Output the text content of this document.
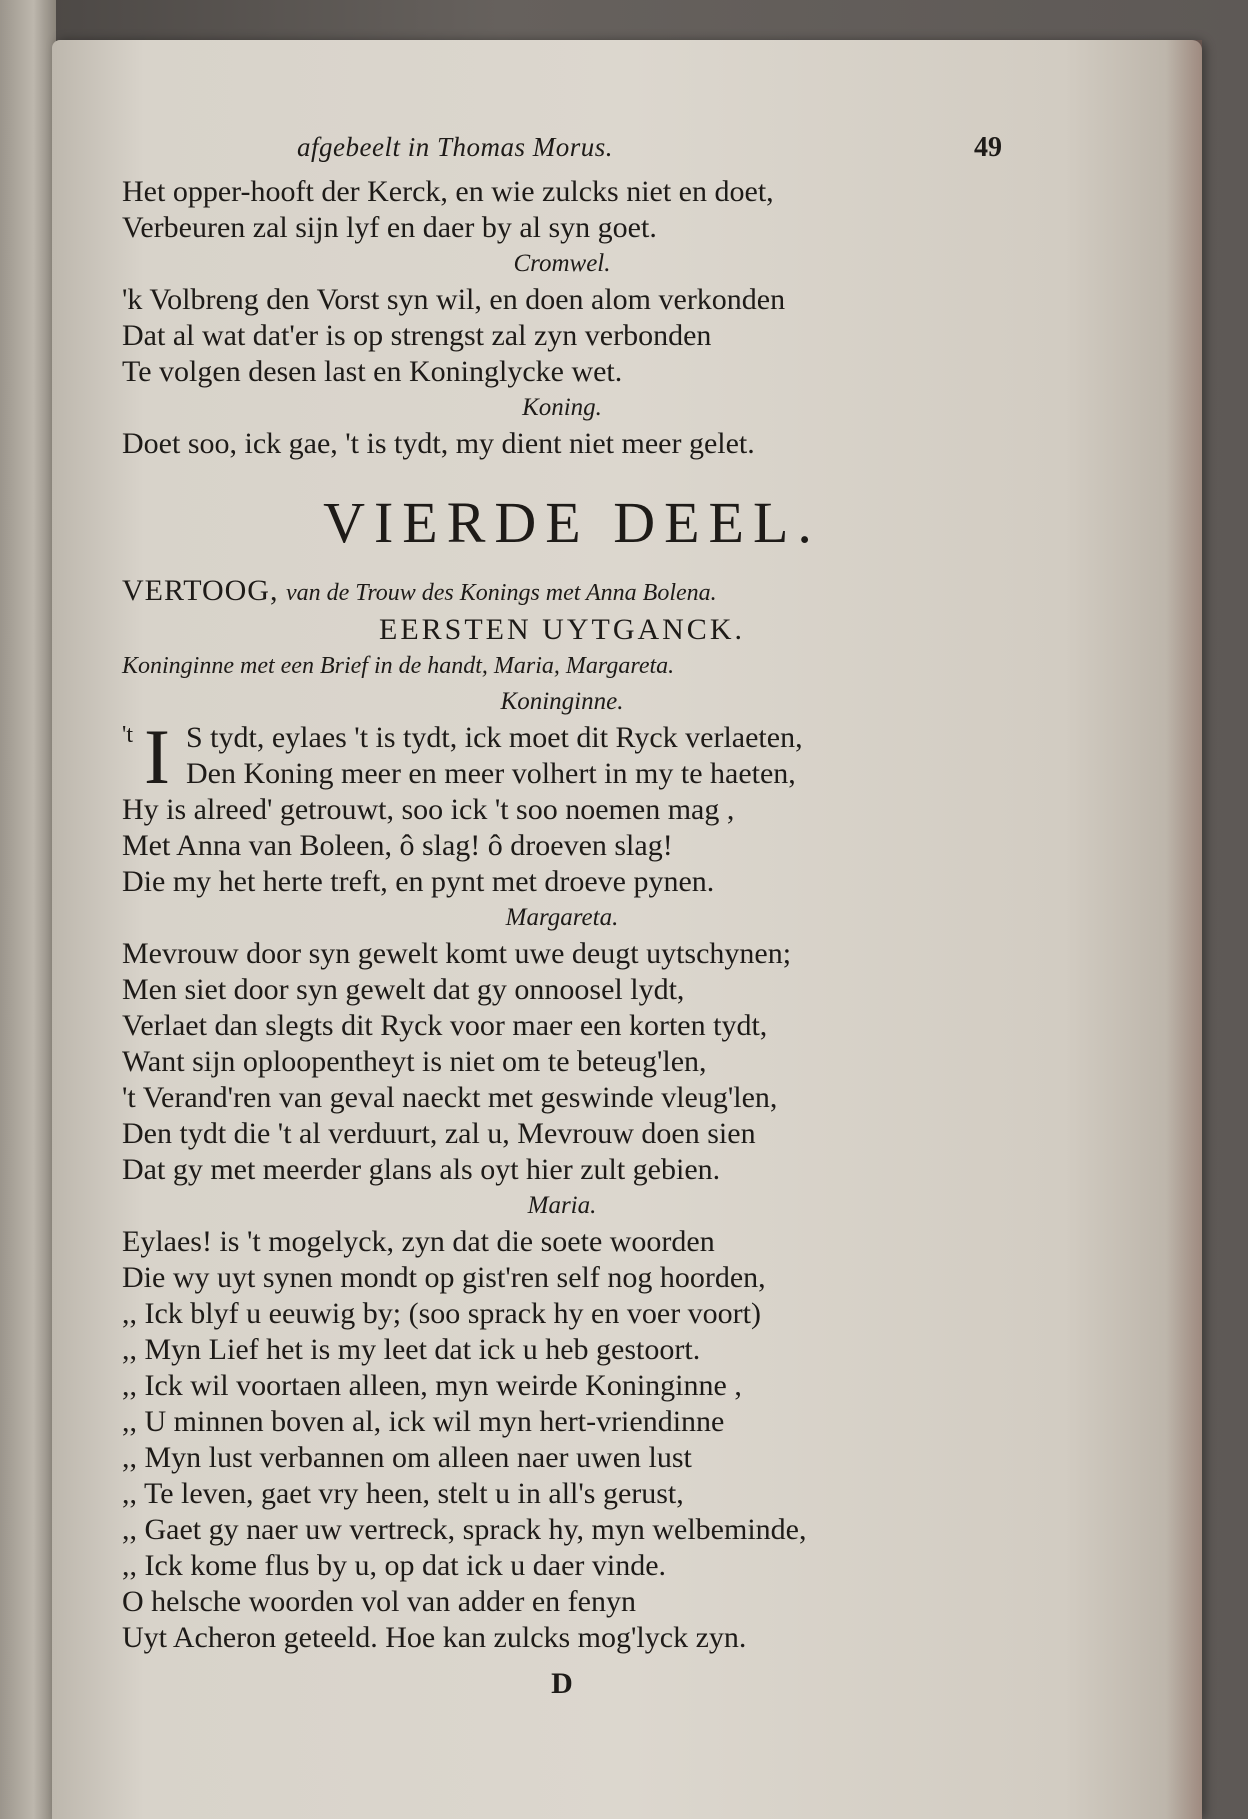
afgebeelt in Thomas Morus.	49
Het opper-hooft der Kerck, en wie zulcks niet en doet,
Verbeuren zal sijn lyf en daer by al syn goet.
Cromwel.
'k Volbreng den Vorst syn wil, en doen alom verkonden
Dat al wat dat'er is op strengst zal zyn verbonden
Te volgen desen last en Koninglycke wet.
Koning.
Doet soo, ick gae, 't is tydt, my dient niet meer gelet.
VIERDE DEEL.
VERTOOG, van de Trouw des Konings met Anna Bolena.
EERSTEN UYTGANCK.
Koninginne met een Brief in de handt, Maria, Margareta.
Koninginne.
't I S tydt, eylaes 't is tydt, ick moet dit Ryck verlaeten,
Den Koning meer en meer volhert in my te haeten,
Hy is alreed' getrouwt, soo ick 't soo noemen mag ,
Met Anna van Boleen, ô slag! ô droeven slag!
Die my het herte treft, en pynt met droeve pynen.
Margareta.
Mevrouw door syn gewelt komt uwe deugt uytschynen;
Men siet door syn gewelt dat gy onnoosel lydt,
Verlaet dan slegts dit Ryck voor maer een korten tydt,
Want sijn oploopentheyt is niet om te beteug'len,
't Verand'ren van geval naeckt met geswinde vleug'len,
Den tydt die 't al verduurt, zal u, Mevrouw doen sien
Dat gy met meerder glans als oyt hier zult gebien.
Maria.
Eylaes! is 't mogelyck, zyn dat die soete woorden
Die wy uyt synen mondt op gist'ren self nog hoorden,
,, Ick blyf u eeuwig by; (soo sprack hy en voer voort)
,, Myn Lief het is my leet dat ick u heb gestoort.
,, Ick wil voortaen alleen, myn weirde Koninginne ,
,, U minnen boven al, ick wil myn hert-vriendinne
,, Myn lust verbannen om alleen naer uwen lust
,, Te leven, gaet vry heen, stelt u in all's gerust,
,, Gaet gy naer uw vertreck, sprack hy, myn welbeminde,
,, Ick kome flus by u, op dat ick u daer vinde.
O helsche woorden vol van adder en fenyn
Uyt Acheron geteeld. Hoe kan zulcks mog'lyck zyn.
D
